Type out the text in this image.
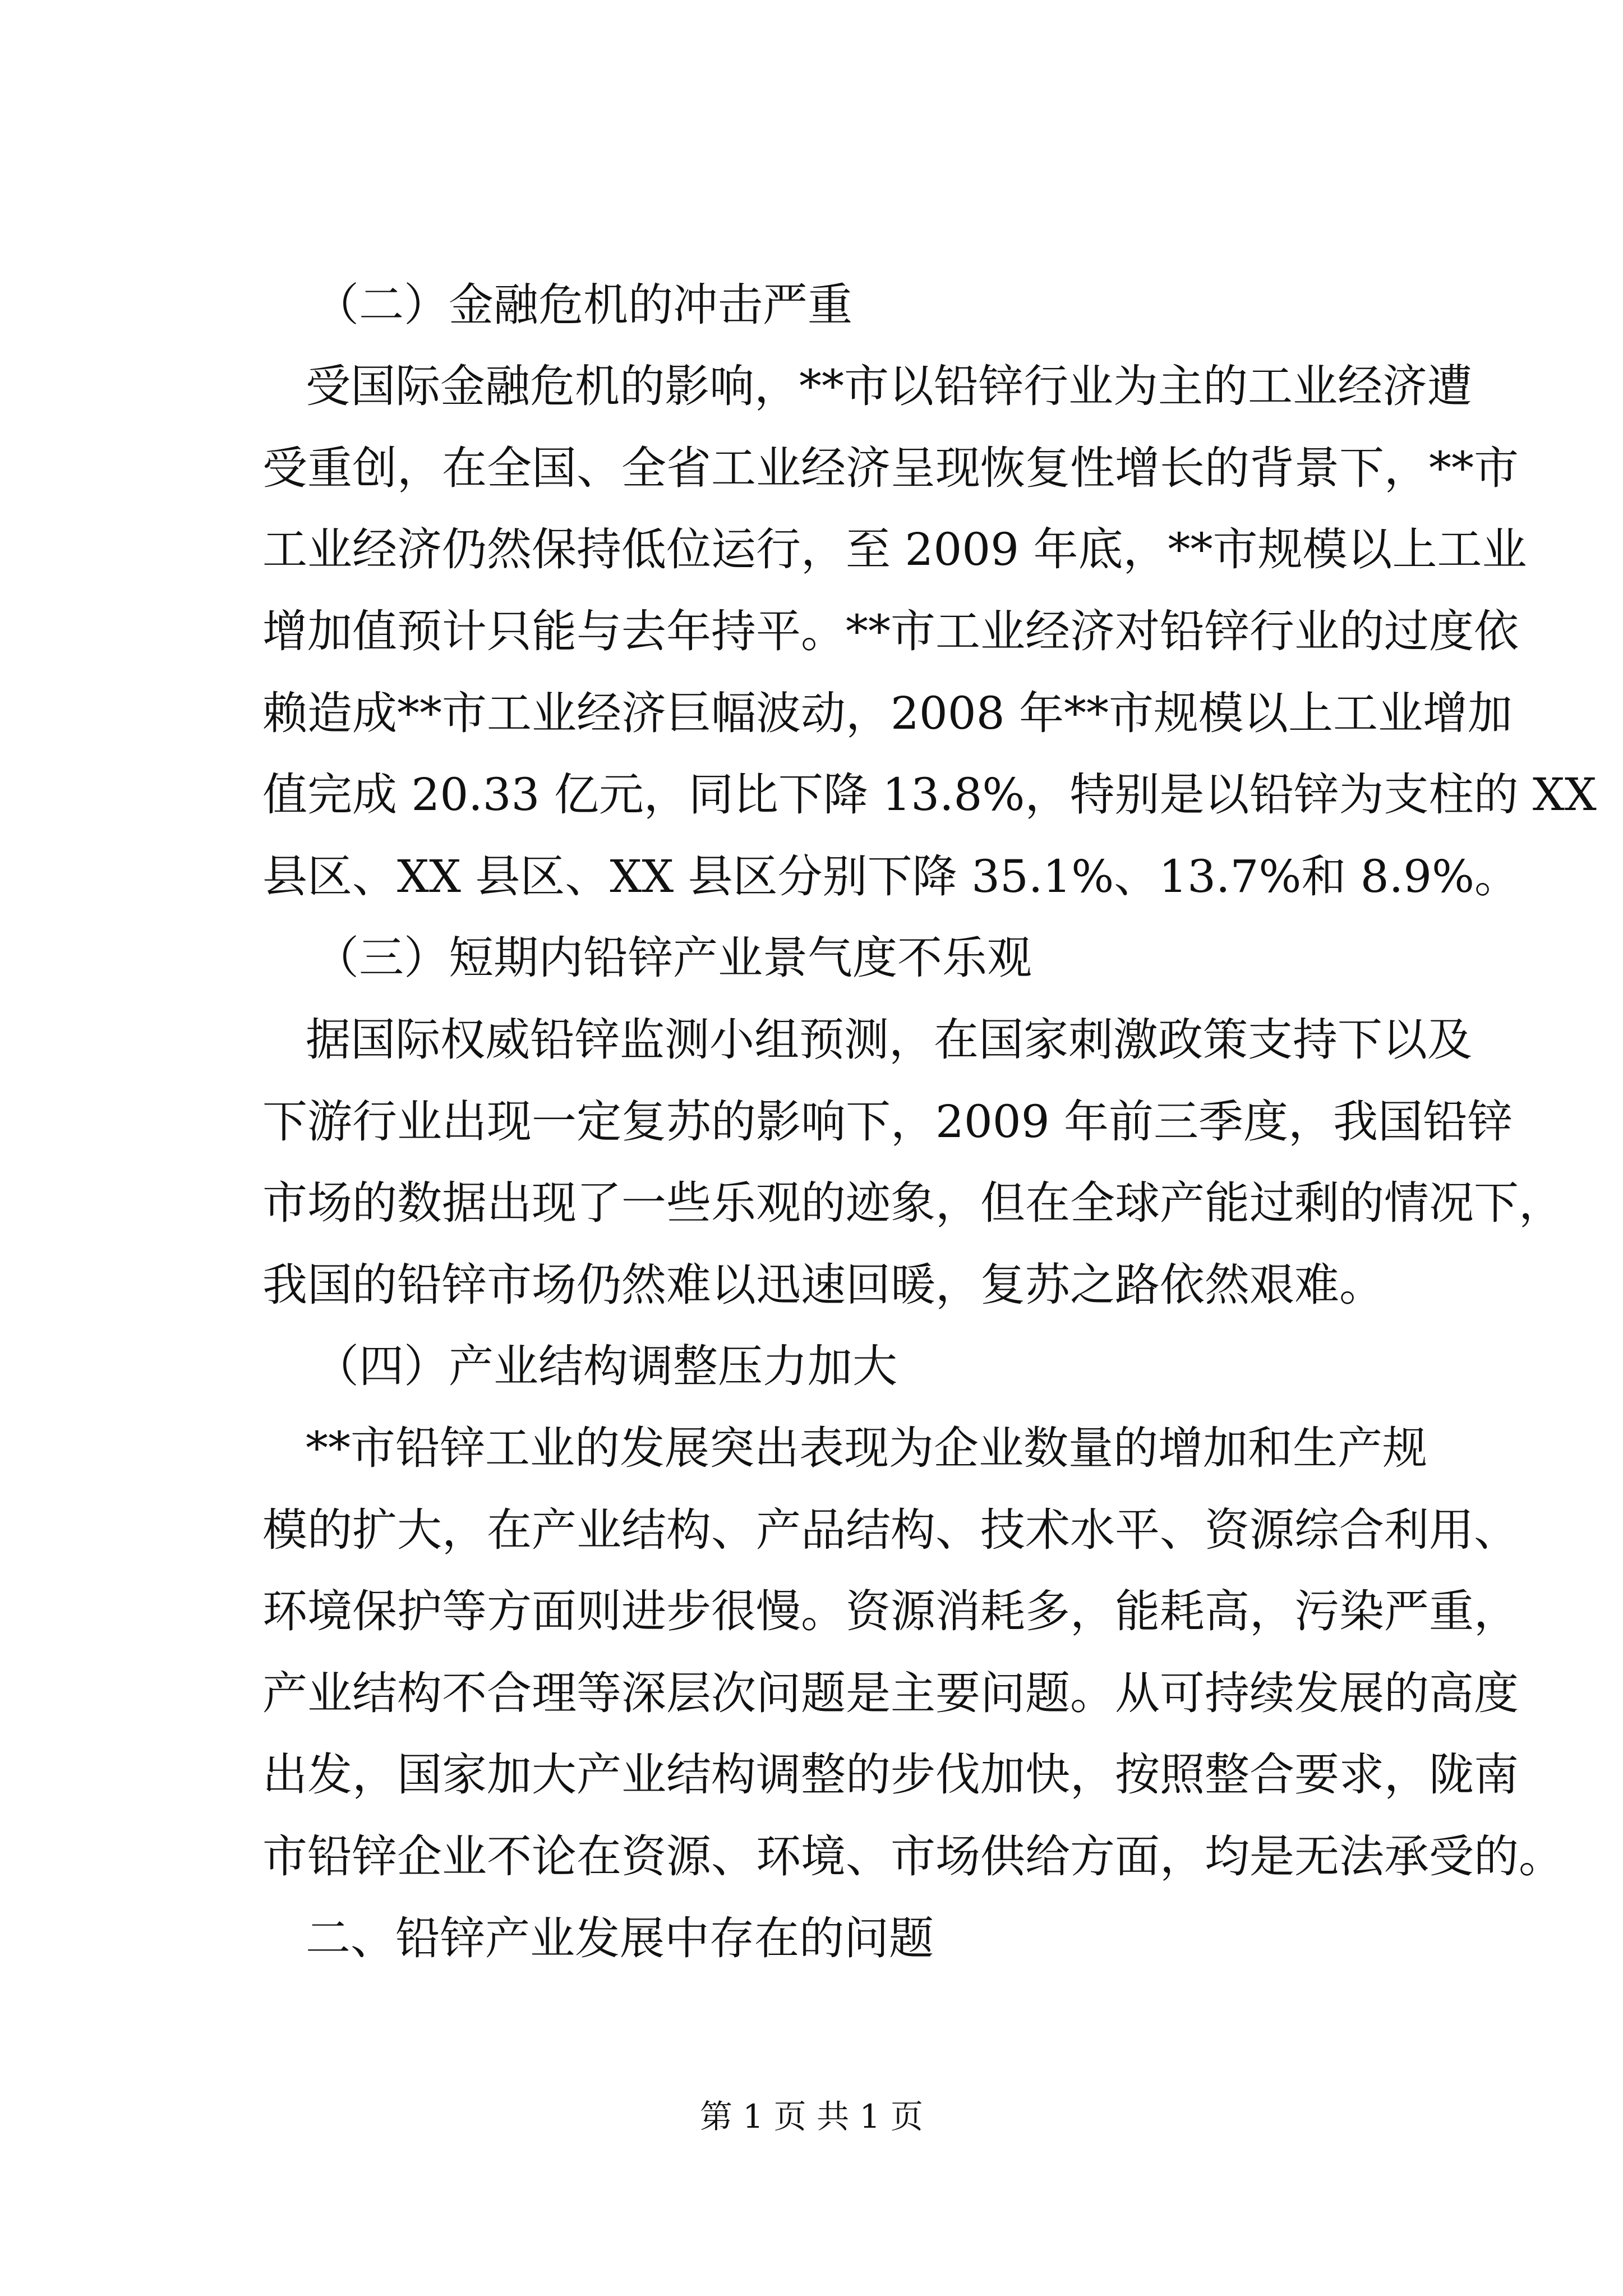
（二）金融危机的冲击严重

受国际金融危机的影响，**市以铅锌行业为主的工业经济遭

受重创，在全国、全省工业经济呈现恢复性增长的背景下，**市

工业经济仍然保持低位运行，至 2009 年底，**市规模以上工业

增加值预计只能与去年持平。**市工业经济对铅锌行业的过度依

赖造成**市工业经济巨幅波动，2008 年**市规模以上工业增加

值完成 20.33 亿元，同比下降 13.8%，特别是以铅锌为支柱的 XX

县区、XX 县区、XX 县区分别下降 35.1%、13.7%和 8.9%。

（三）短期内铅锌产业景气度不乐观

据国际权威铅锌监测小组预测，在国家刺激政策支持下以及

下游行业出现一定复苏的影响下，2009 年前三季度，我国铅锌

市场的数据出现了一些乐观的迹象，但在全球产能过剩的情况下，

我国的铅锌市场仍然难以迅速回暖，复苏之路依然艰难。

（四）产业结构调整压力加大

**市铅锌工业的发展突出表现为企业数量的增加和生产规

模的扩大，在产业结构、产品结构、技术水平、资源综合利用、

环境保护等方面则进步很慢。资源消耗多，能耗高，污染严重，

产业结构不合理等深层次问题是主要问题。从可持续发展的高度

出发，国家加大产业结构调整的步伐加快，按照整合要求，陇南

市铅锌企业不论在资源、环境、市场供给方面，均是无法承受的。

二、铅锌产业发展中存在的问题

第 1 页 共 1 页
